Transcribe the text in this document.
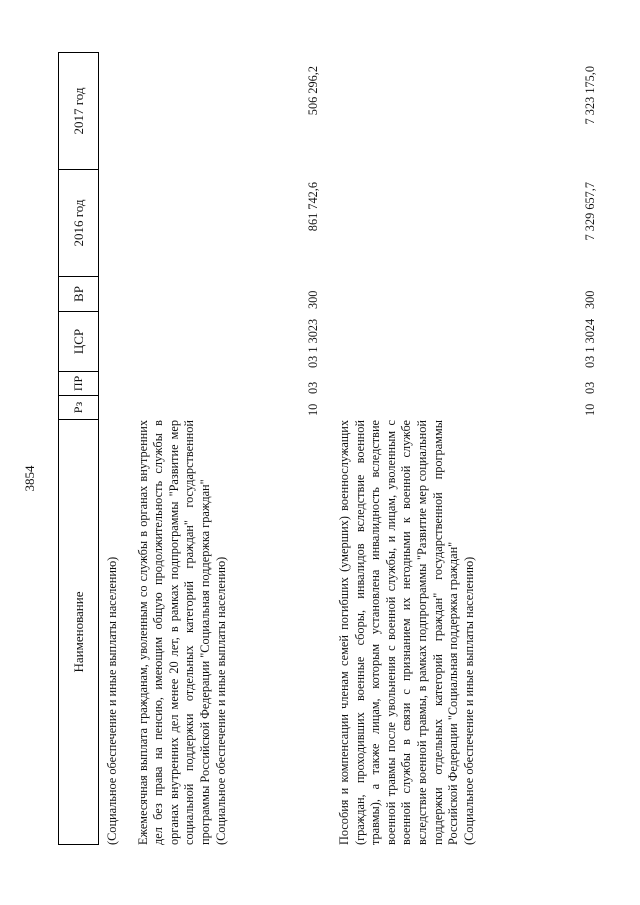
3854
Наименование
Рз
ПР
ЦСР
ВР
2016 год
2017 год

(Социальное обеспечение и иные выплаты населению) Ежемесячная выплата гражданам, уволенным со службы в органах внутренних дел без права на пенсию, имеющим общую продолжительность службы в органах внутренних дел менее 20 лет, в рамках подпрограммы "Развитие мер социальной поддержки отдельных категорий граждан" государственной программы Российской Федерации "Социальная поддержка граждан" (Социальное обеспечение и иные выплаты населению)

10
03
03 1 3023
300
861 742,6
506 296,2

Пособия и компенсации членам семей погибших (умерших) военнослужащих (граждан, проходивших военные сборы, инвалидов вследствие военной травмы), а также лицам, которым установлена инвалидность вследствие военной травмы после увольнения с военной службы, и лицам, уволенным с военной службы в связи с признанием их негодными к военной службе вследствие военной травмы, в рамках подпрограммы "Развитие мер социальной поддержки отдельных категорий граждан" государственной программы Российской Федерации "Социальная поддержка граждан" (Социальное обеспечение и иные выплаты населению)

10
03
03 1 3024
300
7 329 657,7
7 323 175,0
